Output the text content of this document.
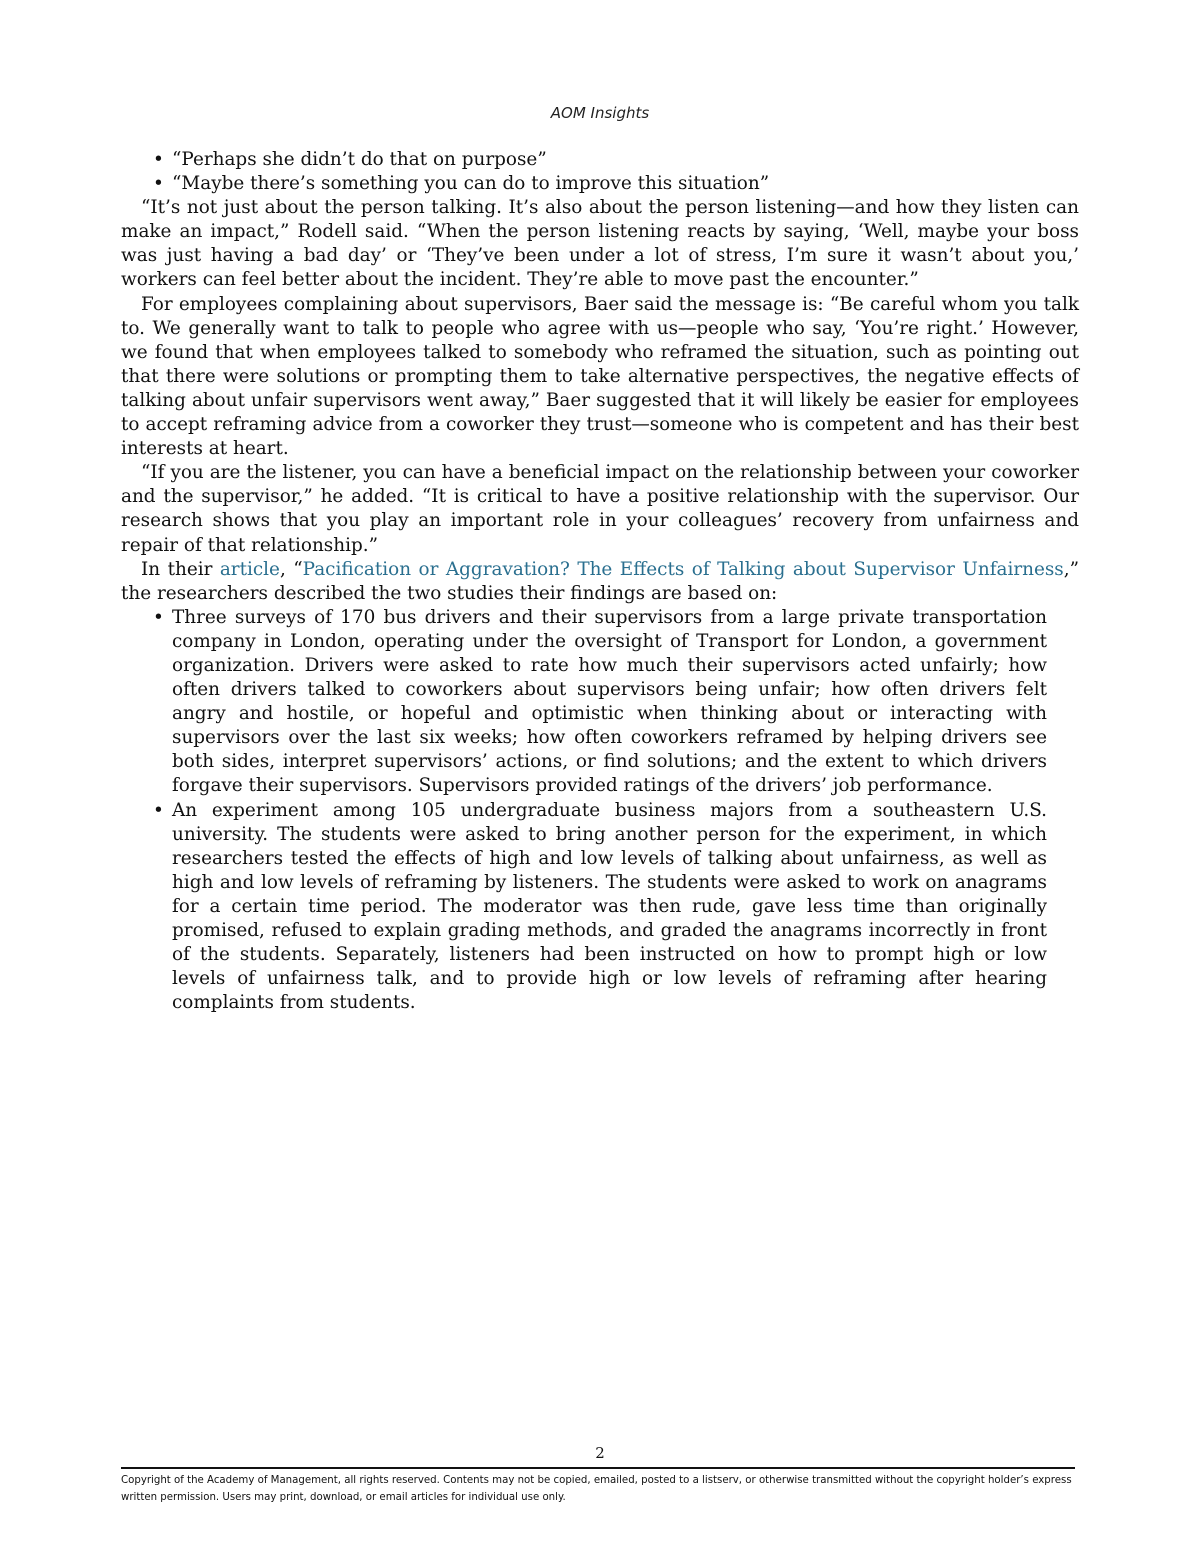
AOM Insights
• “Perhaps she didn’t do that on purpose”
• “Maybe there’s something you can do to improve this situation”

“It’s not just about the person talking. It’s also about the person listening—and how they listen can make an impact,” Rodell said. “When the person listening reacts by saying, ‘Well, maybe your boss was just having a bad day’ or ‘They’ve been under a lot of stress, I’m sure it wasn’t about you,’ workers can feel better about the incident. They’re able to move past the encounter.”

For employees complaining about supervisors, Baer said the message is: “Be careful whom you talk to. We generally want to talk to people who agree with us—people who say, ‘You’re right.’ However, we found that when employees talked to somebody who reframed the situation, such as pointing out that there were solutions or prompting them to take alternative perspectives, the negative effects of talking about unfair supervisors went away,” Baer suggested that it will likely be easier for employees to accept reframing advice from a coworker they trust—someone who is competent and has their best interests at heart.

“If you are the listener, you can have a beneficial impact on the relationship between your coworker and the supervisor,” he added. “It is critical to have a positive relationship with the supervisor. Our research shows that you play an important role in your colleagues’ recovery from unfairness and repair of that relationship.”

In their article, “Pacification or Aggravation? The Effects of Talking about Supervisor Unfairness,” the researchers described the two studies their findings are based on:

• Three surveys of 170 bus drivers and their supervisors from a large private transportation company in London, operating under the oversight of Transport for London, a government organization. Drivers were asked to rate how much their supervisors acted unfairly; how often drivers talked to coworkers about supervisors being unfair; how often drivers felt angry and hostile, or hopeful and optimistic when thinking about or interacting with supervisors over the last six weeks; how often coworkers reframed by helping drivers see both sides, interpret supervisors’ actions, or find solutions; and the extent to which drivers forgave their supervisors. Supervisors provided ratings of the drivers’ job performance.
• An experiment among 105 undergraduate business majors from a southeastern U.S. university. The students were asked to bring another person for the experiment, in which researchers tested the effects of high and low levels of talking about unfairness, as well as high and low levels of reframing by listeners. The students were asked to work on anagrams for a certain time period. The moderator was then rude, gave less time than originally promised, refused to explain grading methods, and graded the anagrams incorrectly in front of the students. Separately, listeners had been instructed on how to prompt high or low levels of unfairness talk, and to provide high or low levels of reframing after hearing complaints from students.
2
Copyright of the Academy of Management, all rights reserved. Contents may not be copied, emailed, posted to a listserv, or otherwise transmitted without the copyright holder’s express written permission. Users may print, download, or email articles for individual use only.
